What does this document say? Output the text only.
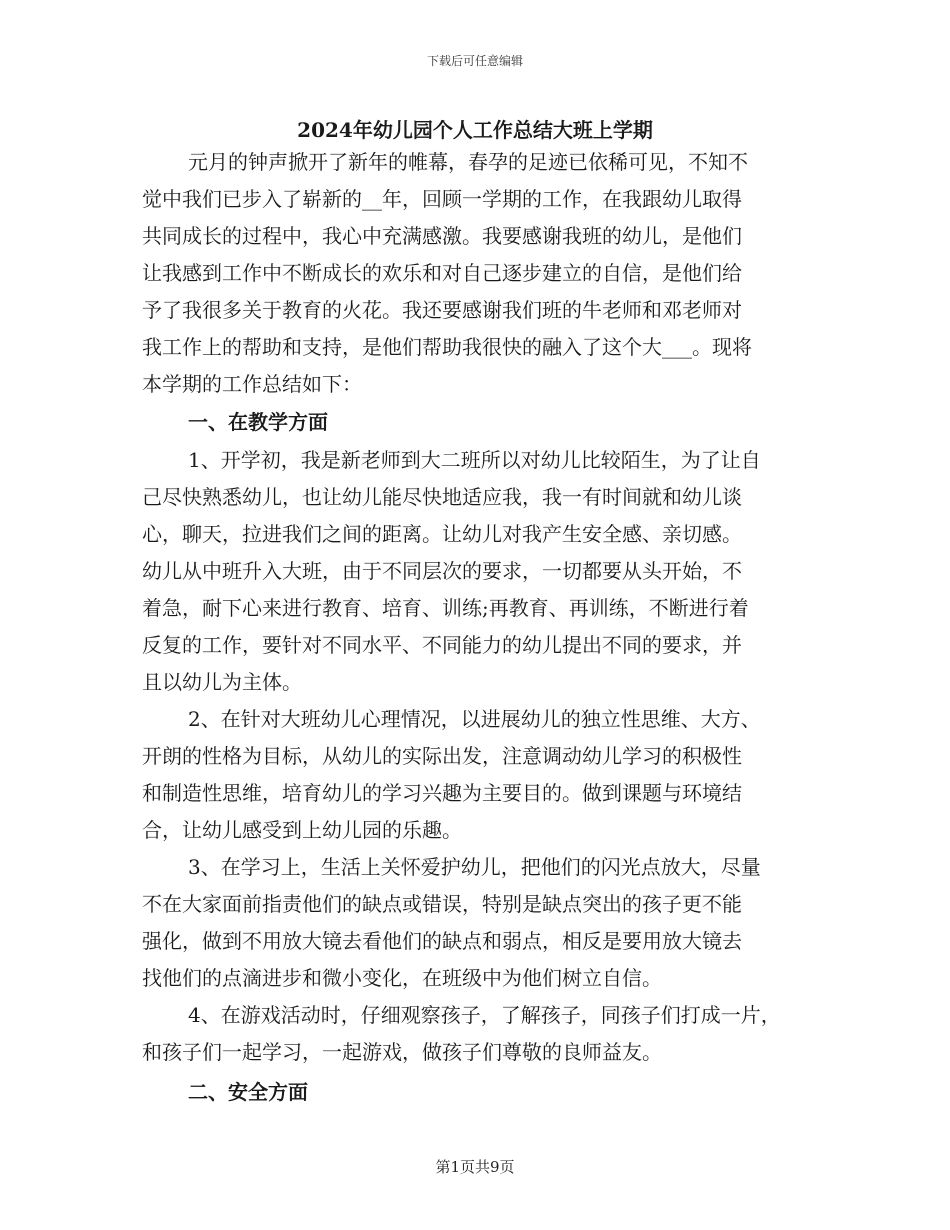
下载后可任意编辑
2024年幼儿园个人工作总结大班上学期
元月的钟声掀开了新年的帷幕，春孕的足迹已依稀可见，不知不
觉中我们已步入了崭新的__年，回顾一学期的工作，在我跟幼儿取得
共同成长的过程中，我心中充满感激。我要感谢我班的幼儿，是他们
让我感到工作中不断成长的欢乐和对自己逐步建立的自信，是他们给
予了我很多关于教育的火花。我还要感谢我们班的牛老师和邓老师对
我工作上的帮助和支持，是他们帮助我很快的融入了这个大___。现将
本学期的工作总结如下：
一、在教学方面
1、开学初，我是新老师到大二班所以对幼儿比较陌生，为了让自
己尽快熟悉幼儿，也让幼儿能尽快地适应我，我一有时间就和幼儿谈
心，聊天，拉进我们之间的距离。让幼儿对我产生安全感、亲切感。
幼儿从中班升入大班，由于不同层次的要求，一切都要从头开始，不
着急，耐下心来进行教育、培育、训练;再教育、再训练，不断进行着
反复的工作，要针对不同水平、不同能力的幼儿提出不同的要求，并
且以幼儿为主体。
2、在针对大班幼儿心理情况，以进展幼儿的独立性思维、大方、
开朗的性格为目标，从幼儿的实际出发，注意调动幼儿学习的积极性
和制造性思维，培育幼儿的学习兴趣为主要目的。做到课题与环境结
合，让幼儿感受到上幼儿园的乐趣。
3、在学习上，生活上关怀爱护幼儿，把他们的闪光点放大，尽量
不在大家面前指责他们的缺点或错误，特别是缺点突出的孩子更不能
强化，做到不用放大镜去看他们的缺点和弱点，相反是要用放大镜去
找他们的点滴进步和微小变化，在班级中为他们树立自信。
4、在游戏活动时，仔细观察孩子，了解孩子，同孩子们打成一片，
和孩子们一起学习，一起游戏，做孩子们尊敬的良师益友。
二、安全方面
第1页共9页
